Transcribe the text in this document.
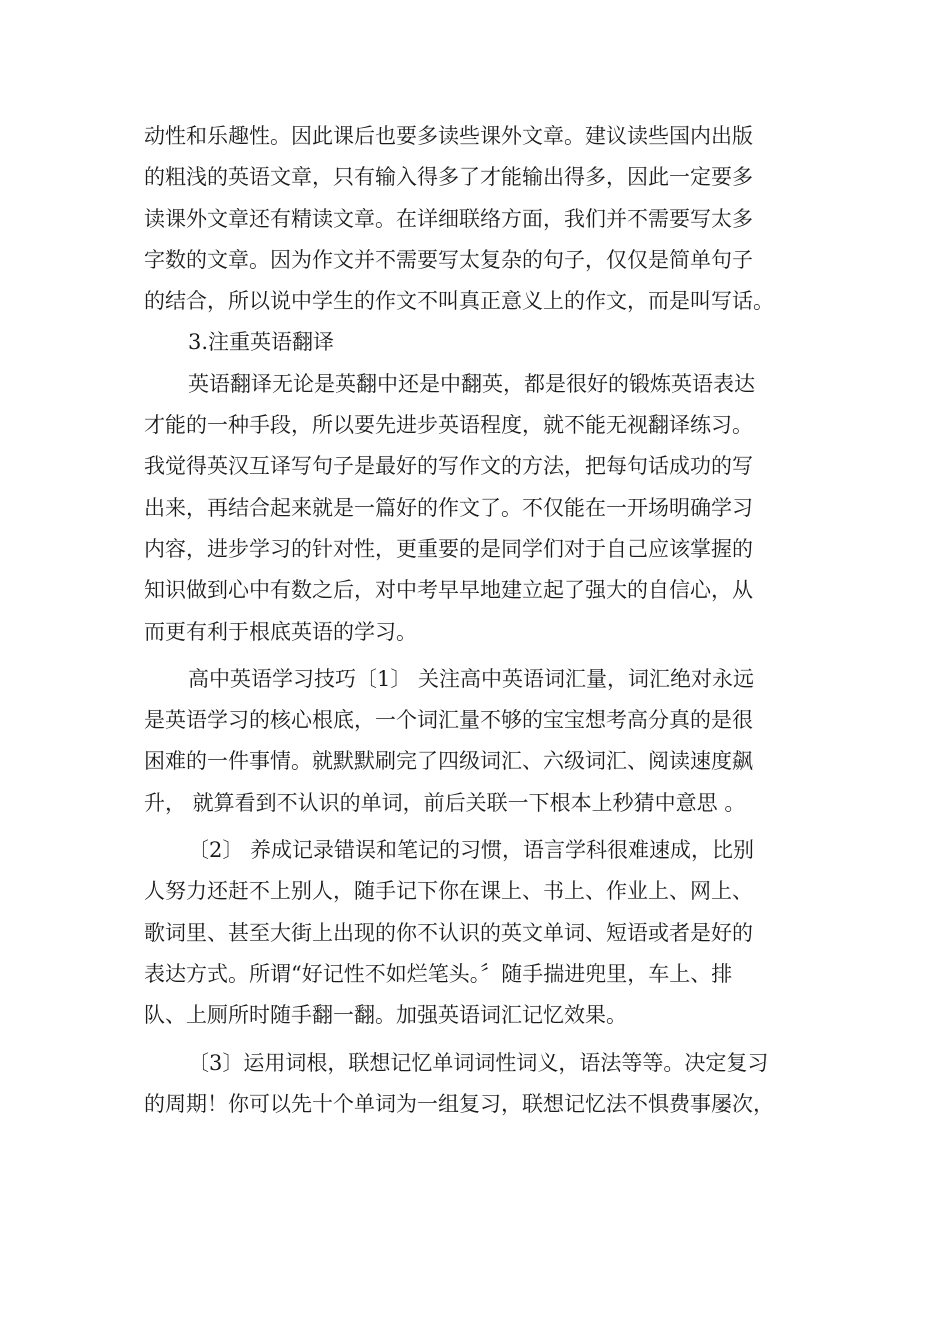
动性和乐趣性。因此课后也要多读些课外文章。建议读些国内出版
的粗浅的英语文章，只有输入得多了才能输出得多，因此一定要多
读课外文章还有精读文章。在详细联络方面，我们并不需要写太多
字数的文章。因为作文并不需要写太复杂的句子，仅仅是简单句子
的结合，所以说中学生的作文不叫真正意义上的作文，而是叫写话。

3.注重英语翻译

英语翻译无论是英翻中还是中翻英，都是很好的锻炼英语表达
才能的一种手段，所以要先进步英语程度，就不能无视翻译练习。
我觉得英汉互译写句子是最好的写作文的方法，把每句话成功的写
出来，再结合起来就是一篇好的作文了。不仅能在一开场明确学习
内容，进步学习的针对性，更重要的是同学们对于自己应该掌握的
知识做到心中有数之后，对中考早早地建立起了强大的自信心，从
而更有利于根底英语的学习。

高中英语学习技巧〔1〕 关注高中英语词汇量，词汇绝对永远
是英语学习的核心根底，一个词汇量不够的宝宝想考高分真的是很
困难的一件事情。就默默刷完了四级词汇、六级词汇、阅读速度飙
升， 就算看到不认识的单词，前后关联一下根本上秒猜中意思 。

〔2〕 养成记录错误和笔记的习惯，语言学科很难速成，比别
人努力还赶不上别人，随手记下你在课上、书上、作业上、网上、
歌词里、甚至大街上出现的你不认识的英文单词、短语或者是好的
表达方式。所谓“好记性不如烂笔头。〞随手揣进兜里，车上、排
队、上厕所时随手翻一翻。加强英语词汇记忆效果。

〔3〕运用词根，联想记忆单词词性词义，语法等等。决定复习
的周期！你可以先十个单词为一组复习，联想记忆法不惧费事屡次，
